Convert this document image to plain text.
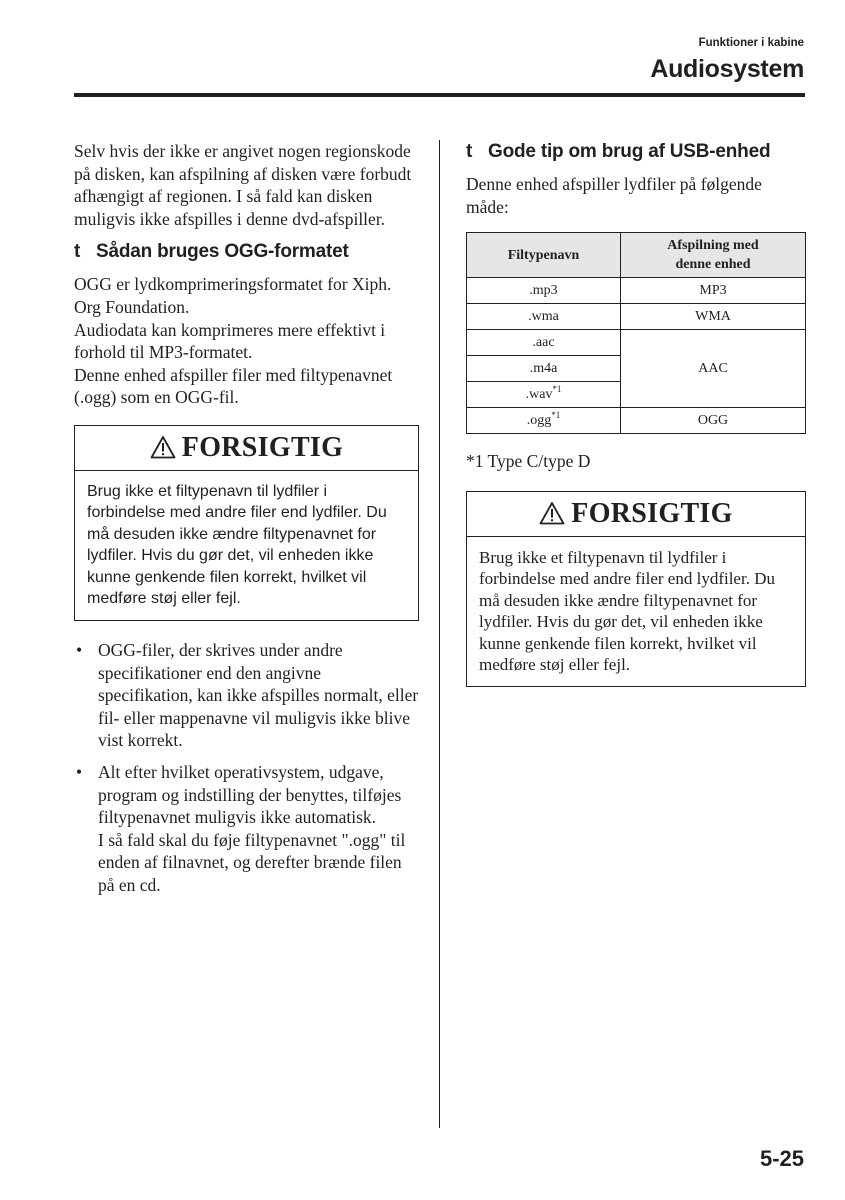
Funktioner i kabine
Audiosystem

Selv hvis der ikke er angivet nogen regionskode på disken, kan afspilning af disken være forbudt afhængigt af regionen. I så fald kan disken muligvis ikke afspilles i denne dvd-afspiller.

t Sådan bruges OGG-formatet

OGG er lydkomprimeringsformatet for Xiph. Org Foundation.

Audiodata kan komprimeres mere effektivt i forhold til MP3-formatet.

Denne enhed afspiller filer med filtypenavnet (.ogg) som en OGG-fil.

FORSIGTIG
Brug ikke et filtypenavn til lydfiler i forbindelse med andre filer end lydfiler. Du må desuden ikke ændre filtypenavnet for lydfiler. Hvis du gør det, vil enheden ikke kunne genkende filen korrekt, hvilket vil medføre støj eller fejl.
• OGG-filer, der skrives under andre specifikationer end den angivne specifikation, kan ikke afspilles normalt, eller fil- eller mappenavne vil muligvis ikke blive vist korrekt.
• Alt efter hvilket operativsystem, udgave, program og indstilling der benyttes, tilføjes filtypenavnet muligvis ikke automatisk.
I så fald skal du føje filtypenavnet ".ogg" til enden af filnavnet, og derefter brænde filen på en cd.
t Gode tip om brug af USB-enhed

Denne enhed afspiller lydfiler på følgende måde:

Filtypenavn	Afspilning med
denne enhed
.mp3	MP3
.wma	WMA
.aac	AAC
.m4a	
.wav$^{*1}$
.ogg$^{*1}$	OGG

*1 Type C/type D

FORSIGTIG
Brug ikke et filtypenavn til lydfiler i forbindelse med andre filer end lydfiler. Du må desuden ikke ændre filtypenavnet for lydfiler. Hvis du gør det, vil enheden ikke kunne genkende filen korrekt, hvilket vil medføre støj eller fejl.
5-25
